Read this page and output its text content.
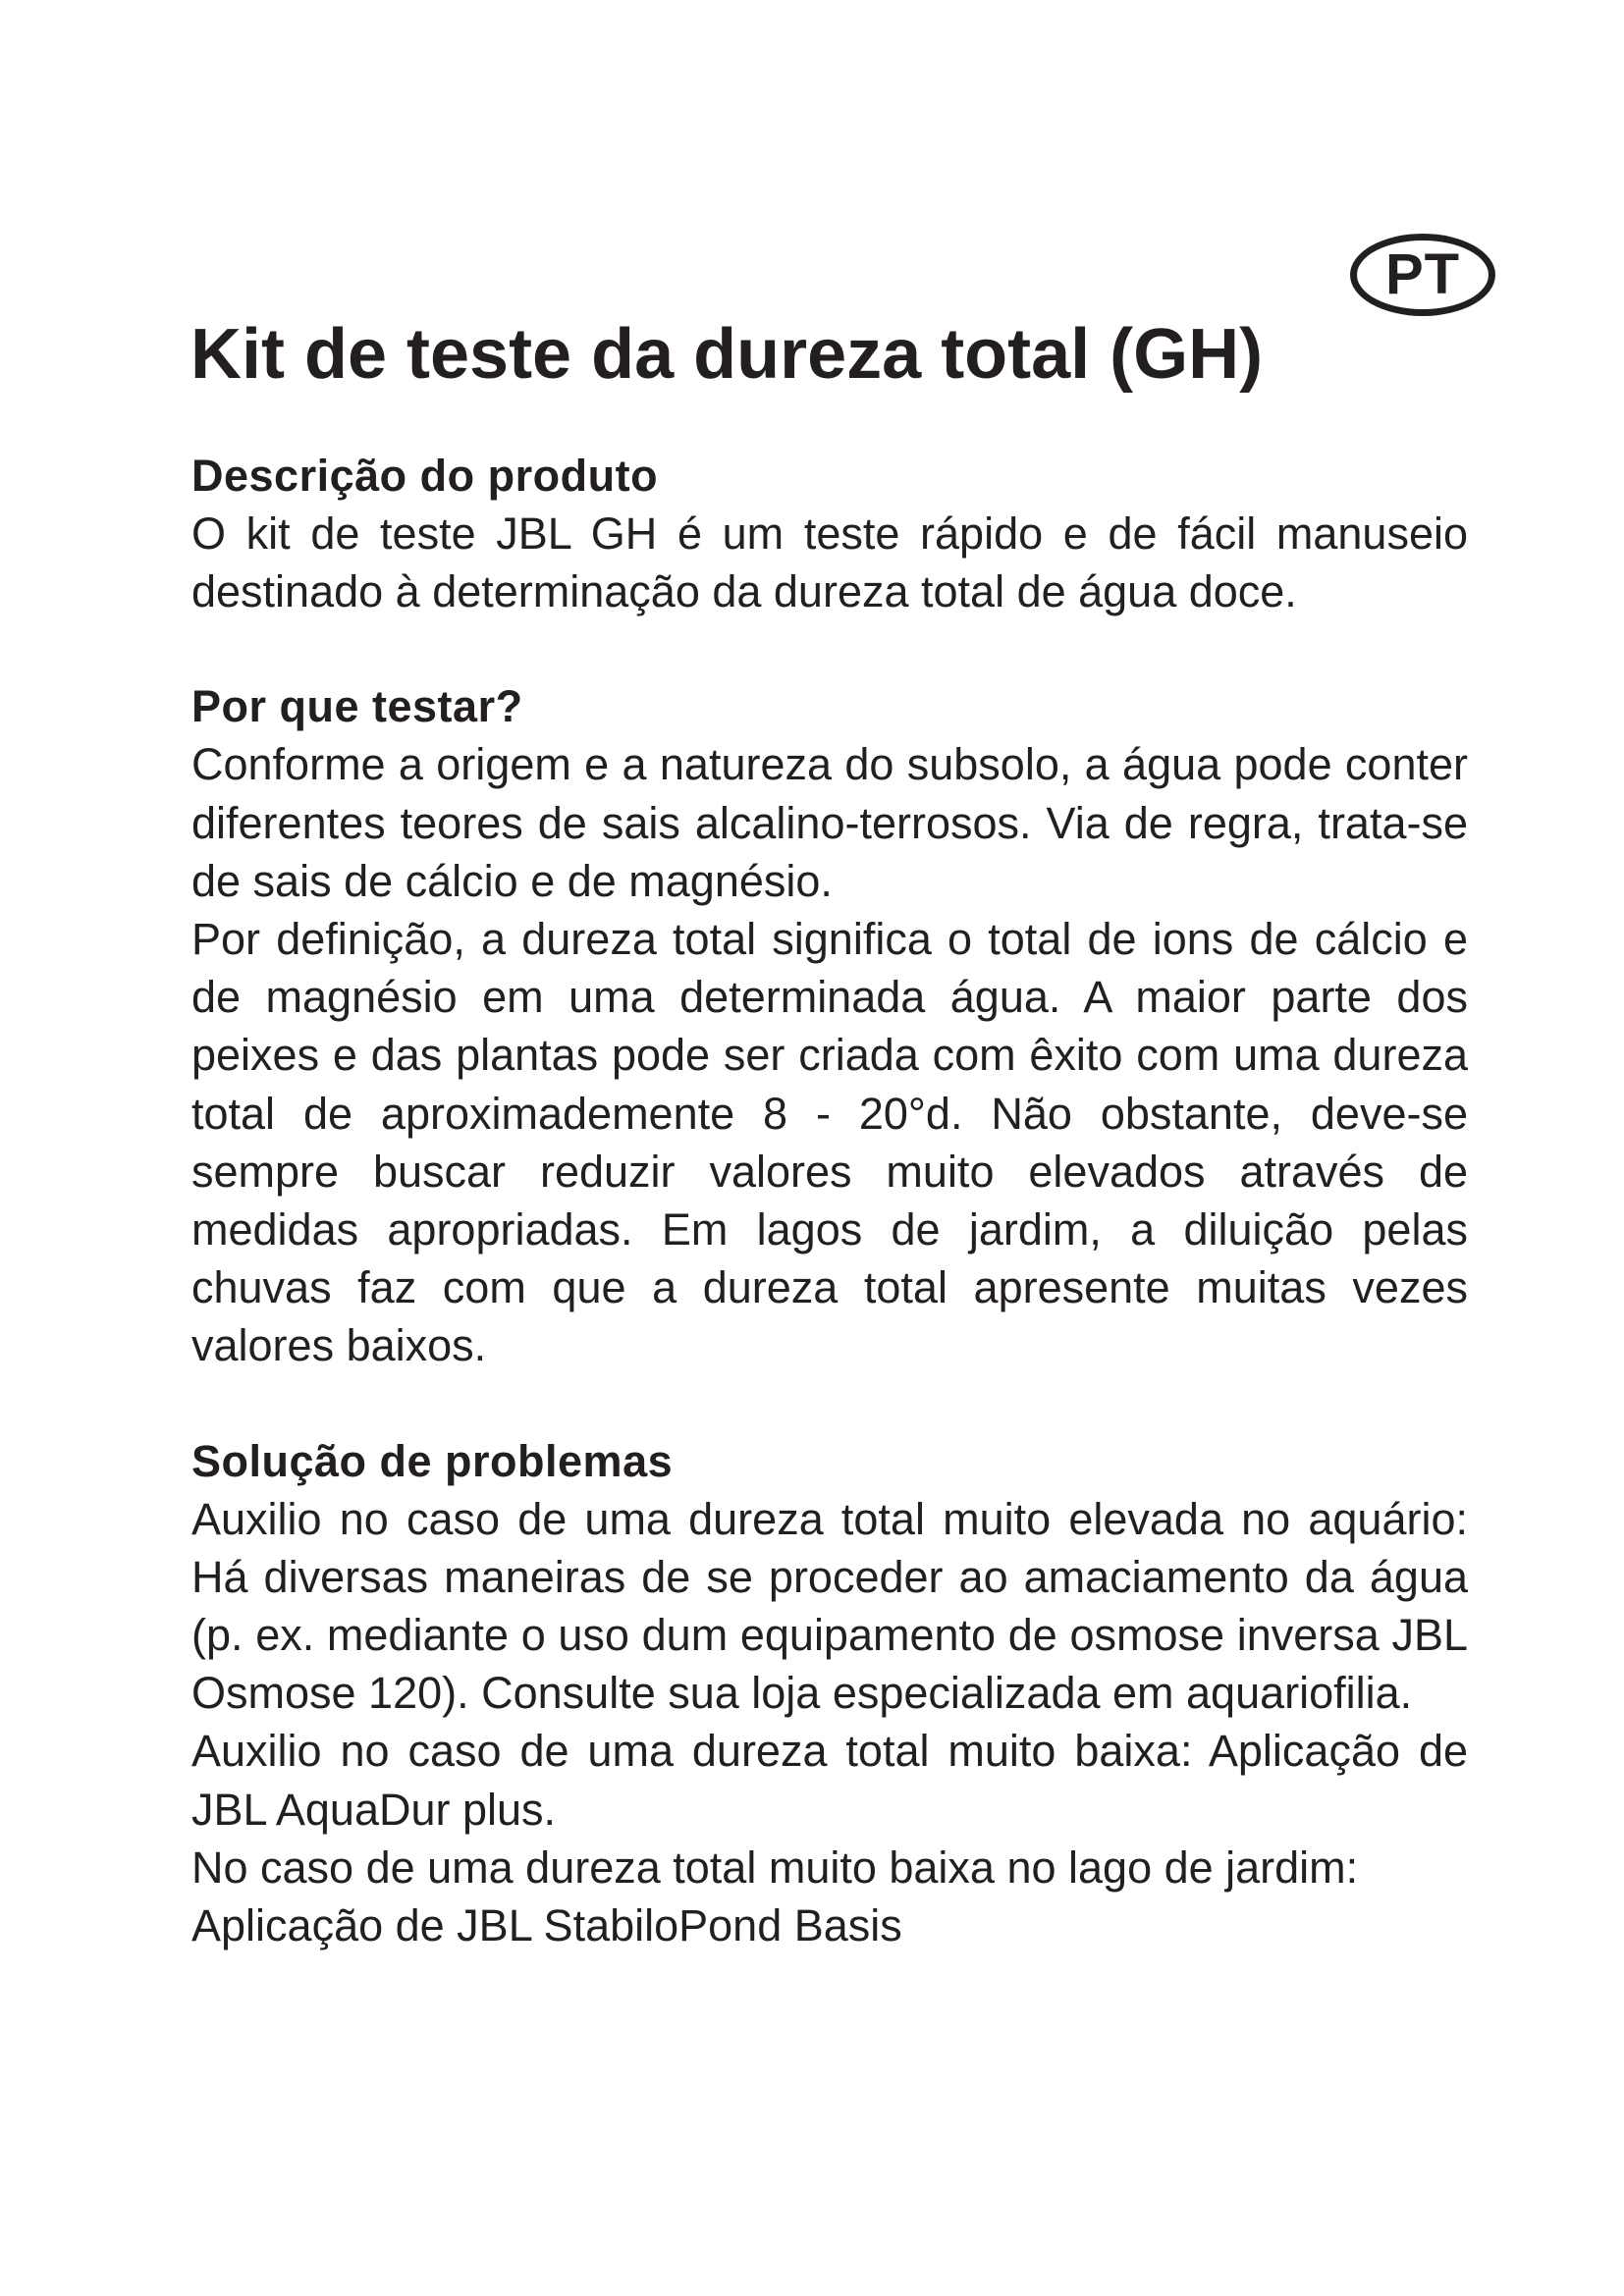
PT
Kit de teste da dureza total (GH)
Descrição do produto

O kit de teste JBL GH é um teste rápido e de fácil manuseio destinado à determinação da dureza total de água doce.

Por que testar?

Conforme a origem e a natureza do subsolo, a água pode conter diferentes teores de sais alcalino-terrosos. Via de regra, trata-se de sais de cálcio e de magnésio.

Por definição, a dureza total significa o total de ions de cálcio e de magnésio em uma determinada água. A maior parte dos peixes e das plantas pode ser criada com êxito com uma dureza total de aproximademente 8 - 20°d. Não obstante, deve-se sempre buscar reduzir valores muito elevados através de medidas apropriadas. Em lagos de jardim, a diluição pelas chuvas faz com que a dureza total apresente muitas vezes valores baixos.

Solução de problemas

Auxilio no caso de uma dureza total muito elevada no aquário: Há diversas maneiras de se proceder ao amaciamento da água (p. ex. mediante o uso dum equipamento de osmose inversa JBL Osmose 120). Consulte sua loja especializada em aquariofilia.

Auxilio no caso de uma dureza total muito baixa: Aplicação de JBL AquaDur plus.

No caso de uma dureza total muito baixa no lago de jardim: Aplicação de JBL StabiloPond Basis
